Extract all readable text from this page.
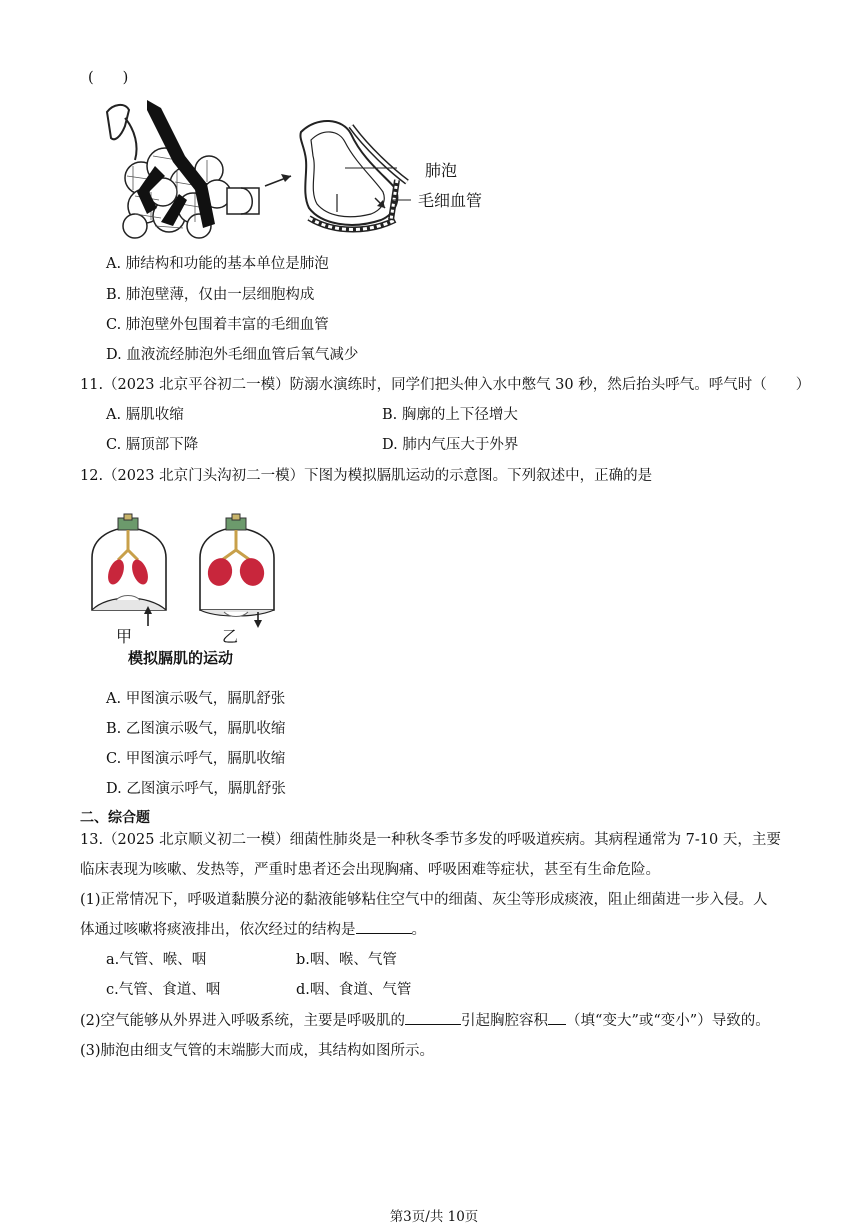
(　　)
肺泡
毛细血管
A. 肺结构和功能的基本单位是肺泡
B. 肺泡壁薄，仅由一层细胞构成
C. 肺泡壁外包围着丰富的毛细血管
D. 血液流经肺泡外毛细血管后氧气减少
11.（2023 北京平谷初二一模）防溺水演练时，同学们把头伸入水中憋气 30 秒，然后抬头呼气。呼气时（　　）
A. 膈肌收缩	B. 胸廓的上下径增大
C. 膈顶部下降	D. 肺内气压大于外界
12.（2023 北京门头沟初二一模）下图为模拟膈肌运动的示意图。下列叙述中，正确的是
甲	乙
模拟膈肌的运动
A. 甲图演示吸气，膈肌舒张
B. 乙图演示吸气，膈肌收缩
C. 甲图演示呼气，膈肌收缩
D. 乙图演示呼气，膈肌舒张
二、综合题
13.（2025 北京顺义初二一模）细菌性肺炎是一种秋冬季节多发的呼吸道疾病。其病程通常为 7-10 天，主要
临床表现为咳嗽、发热等，严重时患者还会出现胸痛、呼吸困难等症状，甚至有生命危险。
(1)正常情况下，呼吸道黏膜分泌的黏液能够粘住空气中的细菌、灰尘等形成痰液，阻止细菌进一步入侵。人
体通过咳嗽将痰液排出，依次经过的结构是	。
a.气管、喉、咽	b.咽、喉、气管
c.气管、食道、咽	d.咽、食道、气管
(2)空气能够从外界进入呼吸系统，主要是呼吸肌的	引起胸腔容积 （填“变大”或“变小”）导致的。
(3)肺泡由细支气管的末端膨大而成，其结构如图所示。
第3页/共 10页
